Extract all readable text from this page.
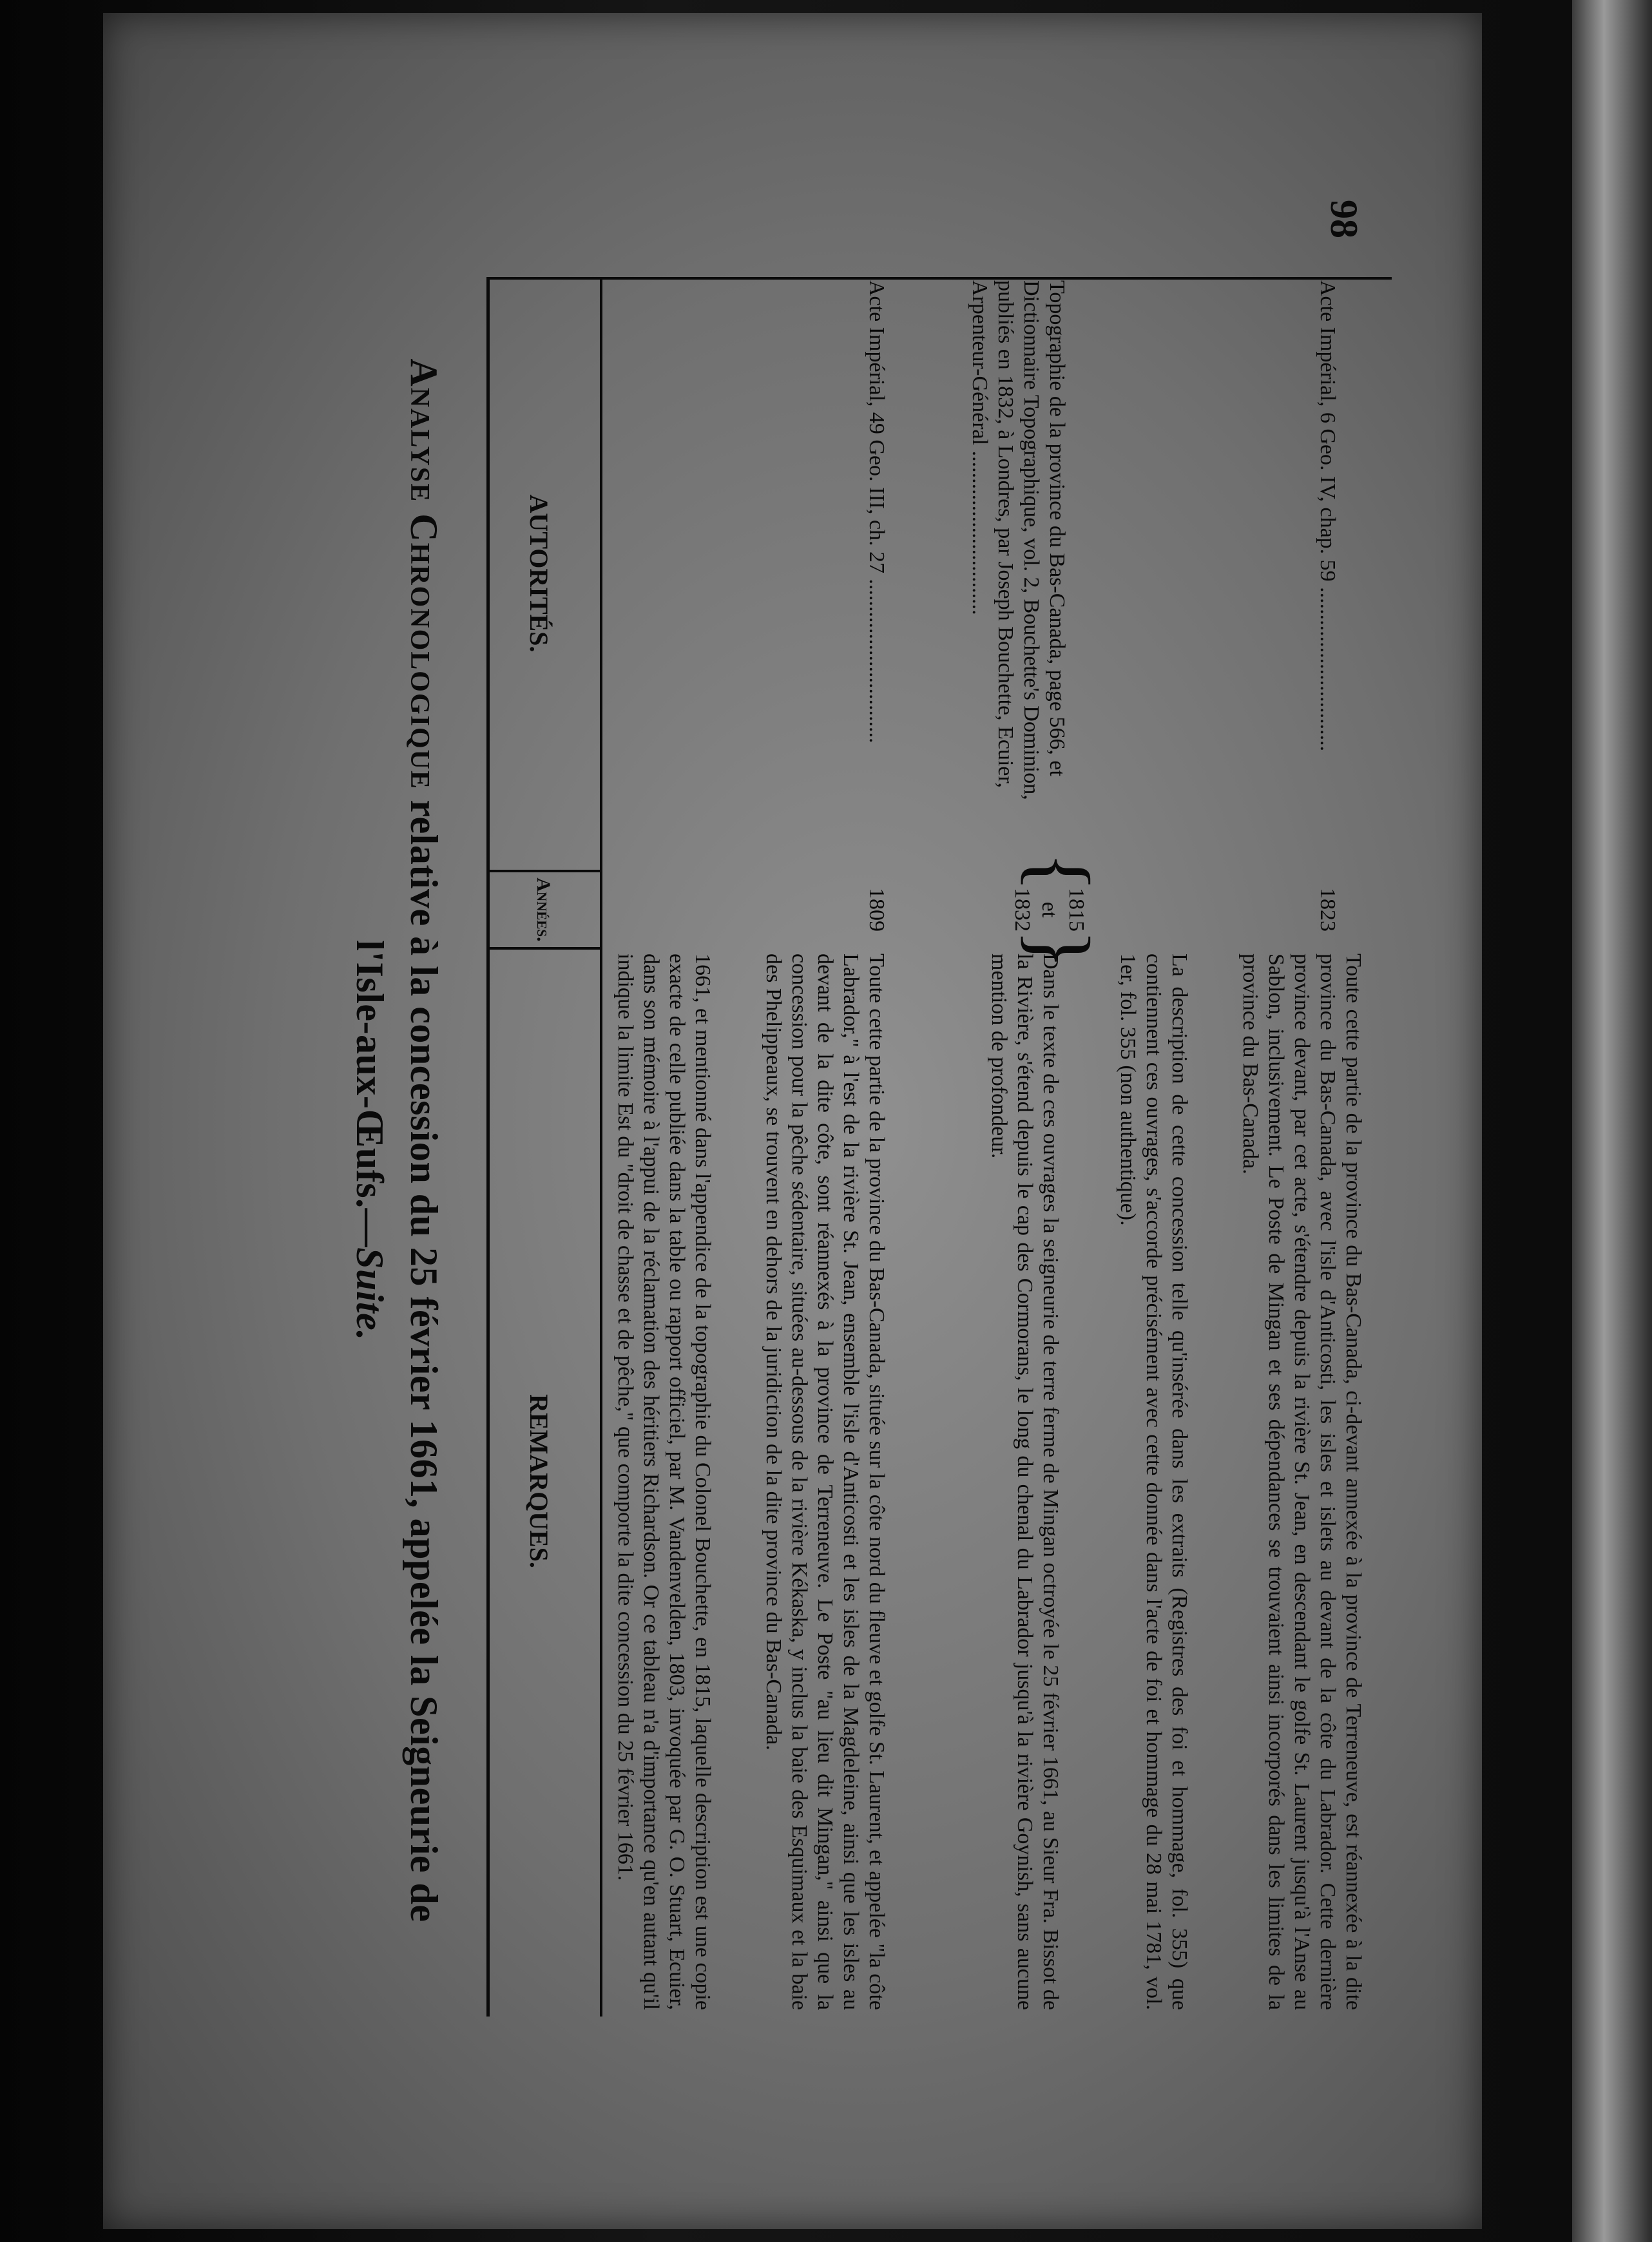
98
Analyse Chronologique relative à la concession du 25 février 1661, appelée la Seigneurie de
l'Isle-aux-Œufs.—Suite.
AUTORITÉS.
Années.
REMARQUES.	1661, et mentionné dans l'appendice de la topographie du Colonel Bouchette, en 1815, laquelle description est une copie exacte de celle publiée dans la table ou rapport officiel, par M. Vandenvelden, 1803, invoquée par G. O. Stuart, Ecuier, dans son mémoire à l'appui de la réclamation des héritiers Richardson. Or ce tableau n'a d'importance qu'en autant qu'il indique la limite Est du "droit de chasse et de pêche," que comporte la dite concession du 25 février 1661.
Acte Impérial, 49 Geo. III, ch. 27 ..............................
1809
Toute cette partie de la province du Bas-Canada, située sur la côte nord du fleuve et golfe St. Laurent, et appelée "la côte Labrador," à l'est de la rivière St. Jean, ensemble l'isle d'Anticosti et les isles de la Magdeleine, ainsi que les isles au devant de la dite côte, sont réannexés à la province de Terreneuve. Le Poste "au lieu dit Mingan," ainsi que la concession pour la pêche sédentaire, situées au-dessous de la rivière Kékaska, y inclus la baie des Esquimaux et la baie des Phelippeaux, se trouvent en dehors de la juridiction de la dite province du Bas-Canada.
Topographie de la province du Bas-Canada, page 566, et Dictionnaire Topographique, vol. 2, Bouchette's Dominion, publiés en 1832, à Londres, par Joseph Bouchette, Ecuier, Arpenteur-Général ..............................
{
1815
et
1832
}
Dans le texte de ces ouvrages la seigneurie de terre ferme de Mingan octroyée le 25 février 1661, au Sieur Fra. Bissot de la Rivière, s'étend depuis le cap des Cormorans, le long du chenal du Labrador jusqu'à la rivière Goynish, sans aucune mention de profondeur.	La description de cette concession telle qu'insérée dans les extraits (Registres des foi et hommage, fol. 355) que contiennent ces ouvrages, s'accorde précisément avec cette donnée dans l'acte de foi et hommage du 28 mai 1781, vol. 1er, fol. 355 (non authentique).
Acte Impérial, 6 Geo. IV, chap. 59 ..............................
1823
Toute cette partie de la province du Bas-Canada, ci-devant annexée à la province de Terreneuve, est réannexée à la dite province du Bas-Canada, avec l'isle d'Anticosti, les isles et islets au devant de la côte du Labrador. Cette dernière province devant, par cet acte, s'étendre depuis la rivière St. Jean, en descendant le golfe St. Laurent jusqu'à l'Anse au Sablon, inclusivement. Le Poste de Mingan et ses dépendances se trouvaient ainsi incorporés dans les limites de la province du Bas-Canada.
